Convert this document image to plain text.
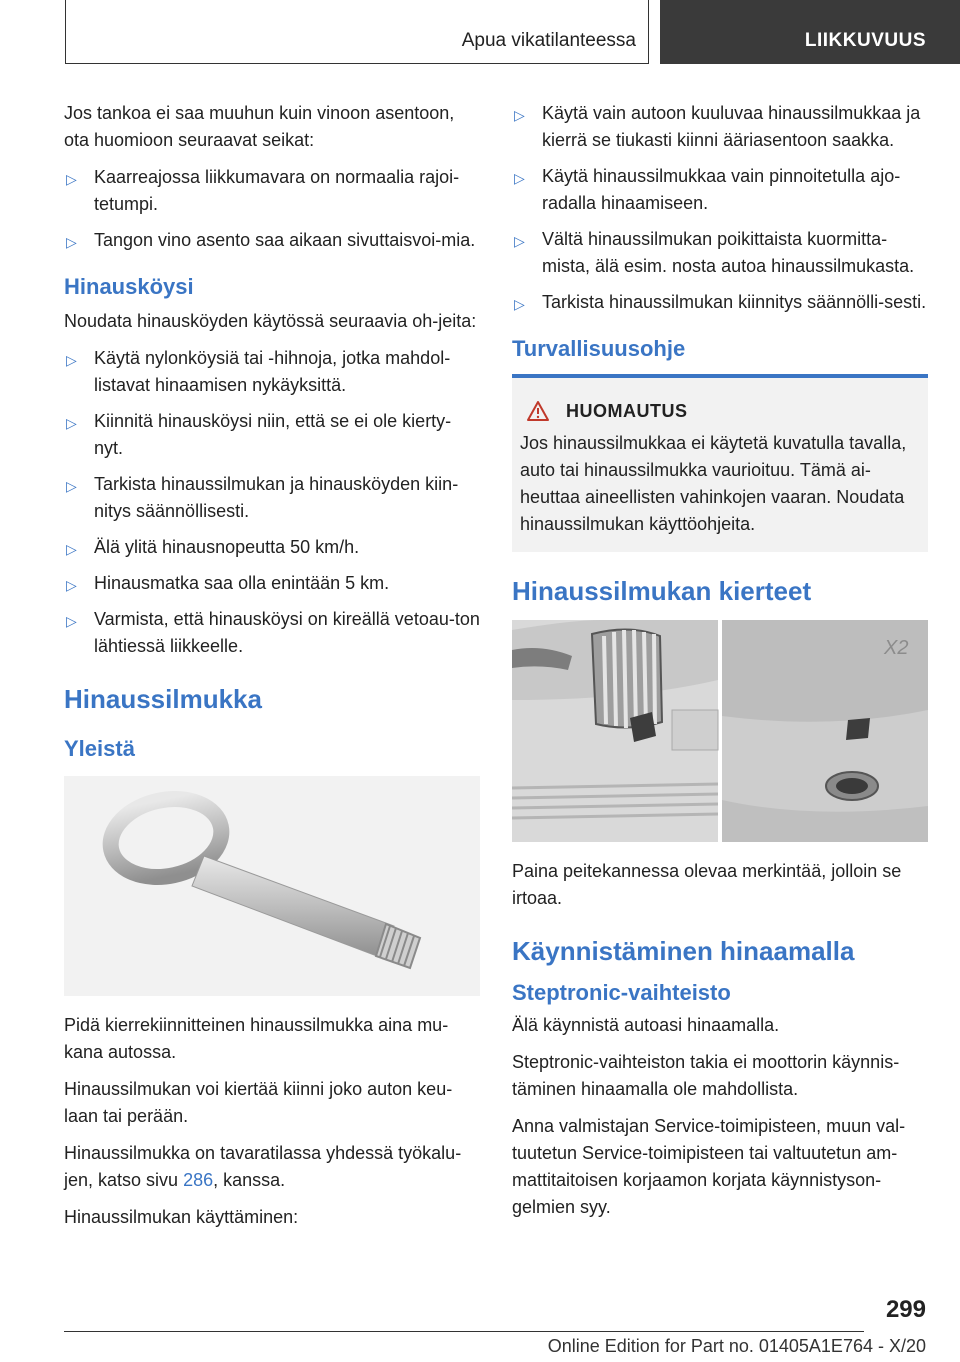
Apua vikatilanteessa	LIIKKUVUUS

Jos tankoa ei saa muuhun kuin vinoon asentoon, ota huomioon seuraavat seikat:

▷ Kaarreajossa liikkumavara on normaalia rajoi-tetumpi.
▷ Tangon vino asento saa aikaan sivuttaisvoi-mia.
Hinausköysi

Noudata hinausköyden käytössä seuraavia oh-jeita:

▷ Käytä nylonköysiä tai -hihnoja, jotka mahdol-listavat hinaamisen nykäyksittä.
▷ Kiinnitä hinausköysi niin, että se ei ole kierty-nyt.
▷ Tarkista hinaussilmukan ja hinausköyden kiin-nitys säännöllisesti.
▷ Älä ylitä hinausnopeutta 50 km/h.
▷ Hinausmatka saa olla enintään 5 km.
▷ Varmista, että hinausköysi on kireällä vetoau-ton lähtiessä liikkeelle.
Hinaussilmukka
Yleistä

Pidä kierrekiinnitteinen hinaussilmukka aina mu-kana autossa.

Hinaussilmukan voi kiertää kiinni joko auton keu-laan tai perään.

Hinaussilmukka on tavaratilassa yhdessä työkalu-jen, katso sivu 286, kanssa.

Hinaussilmukan käyttäminen:

▷ Käytä vain autoon kuuluvaa hinaussilmukkaa ja kierrä se tiukasti kiinni ääriasentoon saakka.
▷ Käytä hinaussilmukkaa vain pinnoitetulla ajo-radalla hinaamiseen.
▷ Vältä hinaussilmukan poikittaista kuormitta-mista, älä esim. nosta autoa hinaussilmukasta.
▷ Tarkista hinaussilmukan kiinnitys säännölli-sesti.
Turvallisuusohje
HUOMAUTUS

Jos hinaussilmukkaa ei käytetä kuvatulla tavalla, auto tai hinaussilmukka vaurioituu. Tämä ai-heuttaa aineellisten vahinkojen vaaran. Noudata hinaussilmukan käyttöohjeita.

Hinaussilmukan kierteet
X2

Paina peitekannessa olevaa merkintää, jolloin se irtoaa.

Käynnistäminen hinaamalla
Steptronic-vaihteisto

Älä käynnistä autoasi hinaamalla.

Steptronic-vaihteiston takia ei moottorin käynnis-täminen hinaamalla ole mahdollista.

Anna valmistajan Service-toimipisteen, muun val-tuutetun Service-toimipisteen tai valtuutetun am-mattitaitoisen korjaamon korjata käynnistyson-gelmien syy.

299
Online Edition for Part no. 01405A1E764 - X/20
